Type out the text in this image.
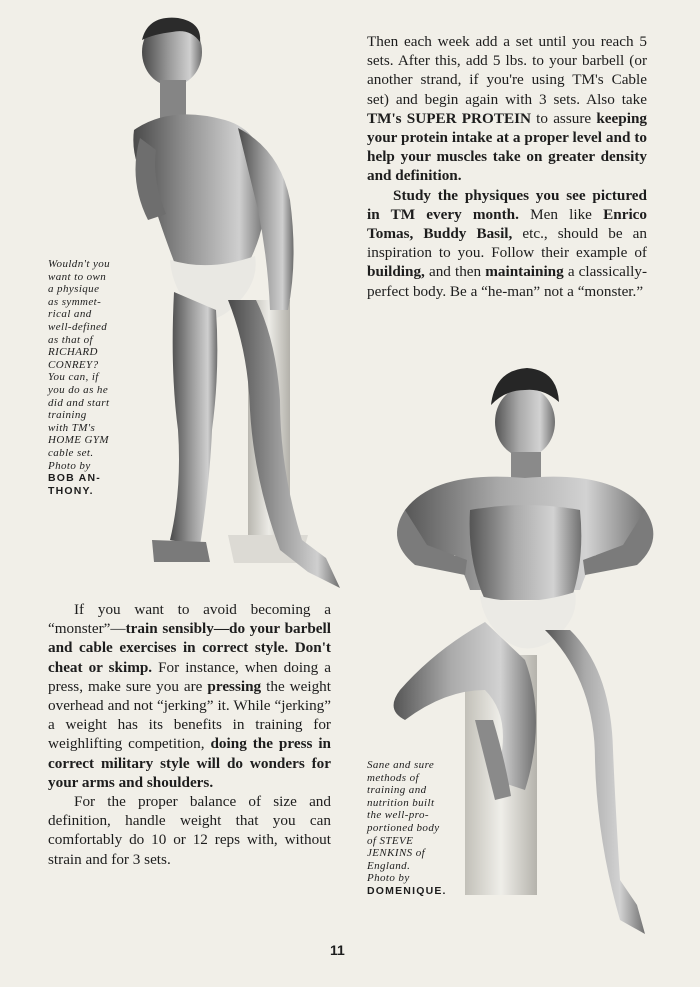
Wouldn't you
want to own
a physique
as symmet-
rical and
well-defined
as that of
RICHARD
CONREY?
You can, if
you do as he
did and start
training
with TM's
HOME GYM
cable set.
Photo by
BOB AN-
THONY.
Sane and sure
methods of
training and
nutrition built
the well-pro-
portioned body
of STEVE
JENKINS of
England.
Photo by
DOMENIQUE.

Then each week add a set until you reach 5 sets. After this, add 5 lbs. to your barbell (or another strand, if you're using TM's Cable set) and begin again with 3 sets. Also take TM's SUPER PROTEIN to assure keeping your protein intake at a proper level and to help your muscles take on greater density and definition.

Study the physiques you see pictured in TM every month. Men like Enrico Tomas, Buddy Basil, etc., should be an inspiration to you. Follow their example of building, and then maintaining a classically-perfect body. Be a “he-man” not a “monster.”

If you want to avoid becoming a “monster”—train sensibly—do your barbell and cable exercises in correct style. Don't cheat or skimp. For instance, when doing a press, make sure you are pressing the weight overhead and not “jerking” it. While “jerking” a weight has its benefits in training for weighlifting competition, doing the press in correct military style will do wonders for your arms and shoulders.

For the proper balance of size and definition, handle weight that you can comfortably do 10 or 12 reps with, without strain and for 3 sets.

11
